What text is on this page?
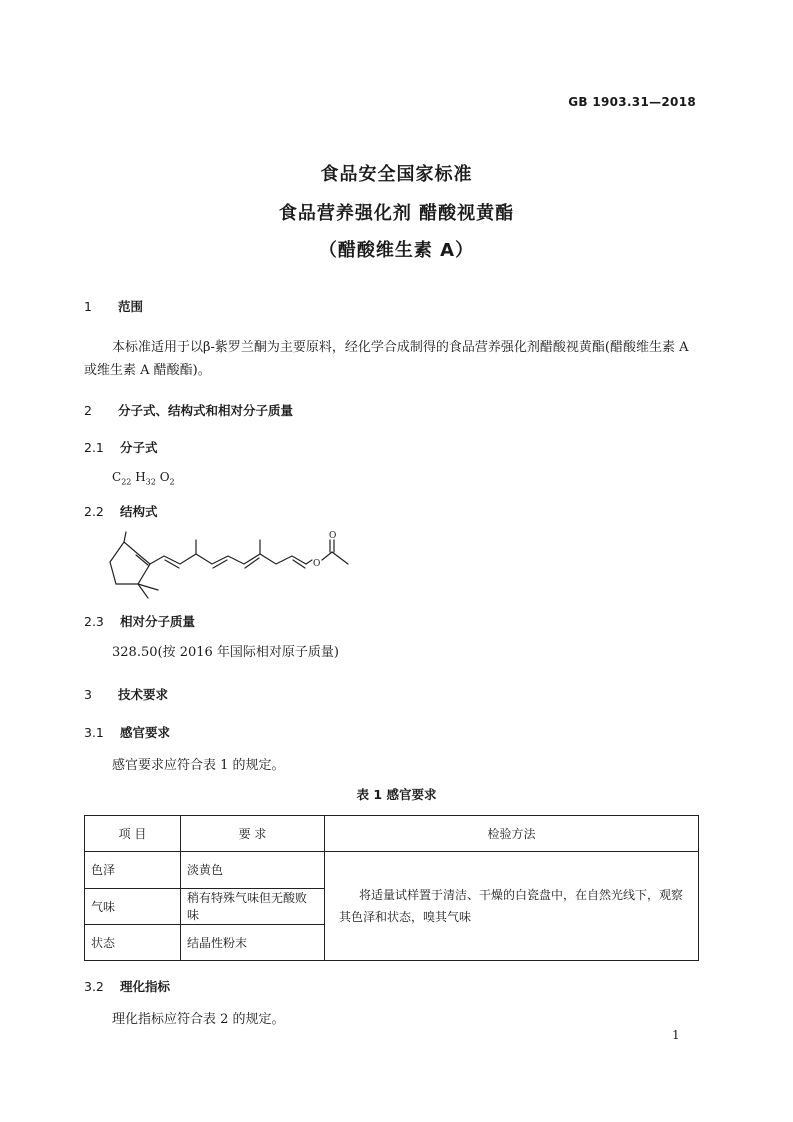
GB 1903.31—2018
食品安全国家标准
食品营养强化剂 醋酸视黄酯
（醋酸维生素 A）
1 范围
本标准适用于以β-紫罗兰酮为主要原料，经化学合成制得的食品营养强化剂醋酸视黄酯(醋酸维生素 A 或维生素 A 醋酸酯)。
2 分子式、结构式和相对分子质量
2.1 分子式
$C_{22}$ $H_{32}$ $O_2$
2.2 结构式
O
O
2.3 相对分子质量
328.50(按 2016 年国际相对原子质量)
3 技术要求
3.1 感官要求
感官要求应符合表 1 的规定。
表 1 感官要求
项 目	要 求	检验方法
色泽	淡黄色	将适量试样置于清洁、干燥的白瓷盘中，在自然光线下，观察其色泽和状态，嗅其气味

气味	稍有特殊气味但无酸败味	
状态	结晶性粉末	
3.2 理化指标
理化指标应符合表 2 的规定。
1
